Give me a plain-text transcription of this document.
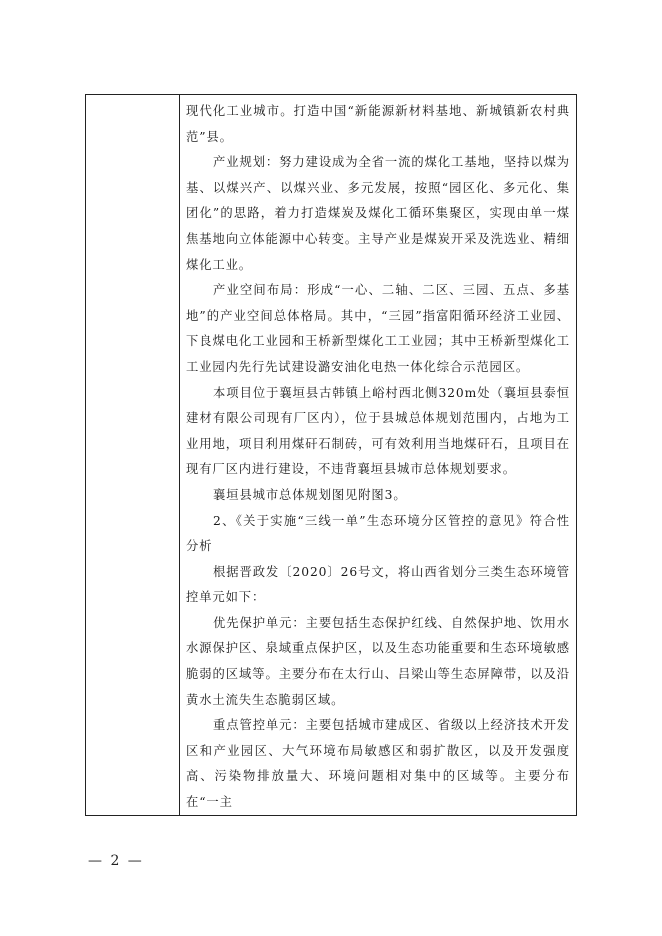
现代化工业城市。打造中国“新能源新材料基地、新城镇新农村典范”县。

产业规划：努力建设成为全省一流的煤化工基地，坚持以煤为基、以煤兴产、以煤兴业、多元发展，按照“园区化、多元化、集团化”的思路，着力打造煤炭及煤化工循环集聚区，实现由单一煤焦基地向立体能源中心转变。主导产业是煤炭开采及洗选业、精细煤化工业。

产业空间布局：形成“一心、二轴、二区、三园、五点、多基地”的产业空间总体格局。其中，“三园”指富阳循环经济工业园、下良煤电化工业园和王桥新型煤化工工业园；其中王桥新型煤化工工业园内先行先试建设潞安油化电热一体化综合示范园区。

本项目位于襄垣县古韩镇上峪村西北侧320m处（襄垣县泰恒建材有限公司现有厂区内），位于县城总体规划范围内，占地为工业用地，项目利用煤矸石制砖，可有效利用当地煤矸石，且项目在现有厂区内进行建设，不违背襄垣县城市总体规划要求。

襄垣县城市总体规划图见附图3。

2、《关于实施“三线一单”生态环境分区管控的意见》符合性分析

根据晋政发〔2020〕26号文，将山西省划分三类生态环境管控单元如下：

优先保护单元：主要包括生态保护红线、自然保护地、饮用水水源保护区、泉域重点保护区，以及生态功能重要和生态环境敏感脆弱的区域等。主要分布在太行山、吕梁山等生态屏障带，以及沿黄水土流失生态脆弱区域。

重点管控单元：主要包括城市建成区、省级以上经济技术开发区和产业园区、大气环境布局敏感区和弱扩散区，以及开发强度高、污染物排放量大、环境问题相对集中的区域等。主要分布在“一主

— 2 —
